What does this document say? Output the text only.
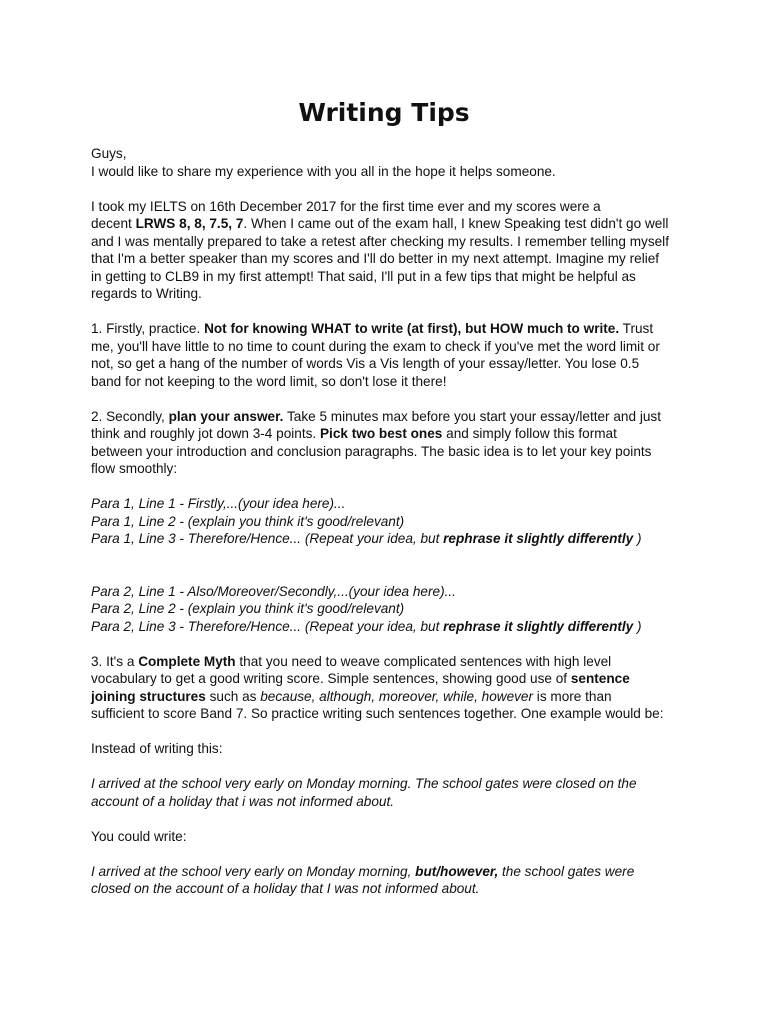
Writing Tips
Guys,
I would like to share my experience with you all in the hope it helps someone.
I took my IELTS on 16th December 2017 for the first time ever and my scores were a
decent LRWS 8, 8, 7.5, 7. When I came out of the exam hall, I knew Speaking test didn't go well
and I was mentally prepared to take a retest after checking my results. I remember telling myself
that I'm a better speaker than my scores and I'll do better in my next attempt. Imagine my relief
in getting to CLB9 in my first attempt! That said, I'll put in a few tips that might be helpful as
regards to Writing.
1. Firstly, practice. Not for knowing WHAT to write (at first), but HOW much to write. Trust
me, you'll have little to no time to count during the exam to check if you've met the word limit or
not, so get a hang of the number of words Vis a Vis length of your essay/letter. You lose 0.5
band for not keeping to the word limit, so don't lose it there!
2. Secondly, plan your answer. Take 5 minutes max before you start your essay/letter and just
think and roughly jot down 3-4 points. Pick two best ones and simply follow this format
between your introduction and conclusion paragraphs. The basic idea is to let your key points
flow smoothly:
Para 1, Line 1 - Firstly,...(your idea here)...
Para 1, Line 2 - (explain you think it's good/relevant)
Para 1, Line 3 - Therefore/Hence... (Repeat your idea, but rephrase it slightly differently )
Para 2, Line 1 - Also/Moreover/Secondly,...(your idea here)...
Para 2, Line 2 - (explain you think it's good/relevant)
Para 2, Line 3 - Therefore/Hence... (Repeat your idea, but rephrase it slightly differently )
3. It's a Complete Myth that you need to weave complicated sentences with high level
vocabulary to get a good writing score. Simple sentences, showing good use of sentence
joining structures such as because, although, moreover, while, however is more than
sufficient to score Band 7. So practice writing such sentences together. One example would be:
Instead of writing this:
I arrived at the school very early on Monday morning. The school gates were closed on the
account of a holiday that i was not informed about.
You could write:
I arrived at the school very early on Monday morning, but/however, the school gates were
closed on the account of a holiday that I was not informed about.
